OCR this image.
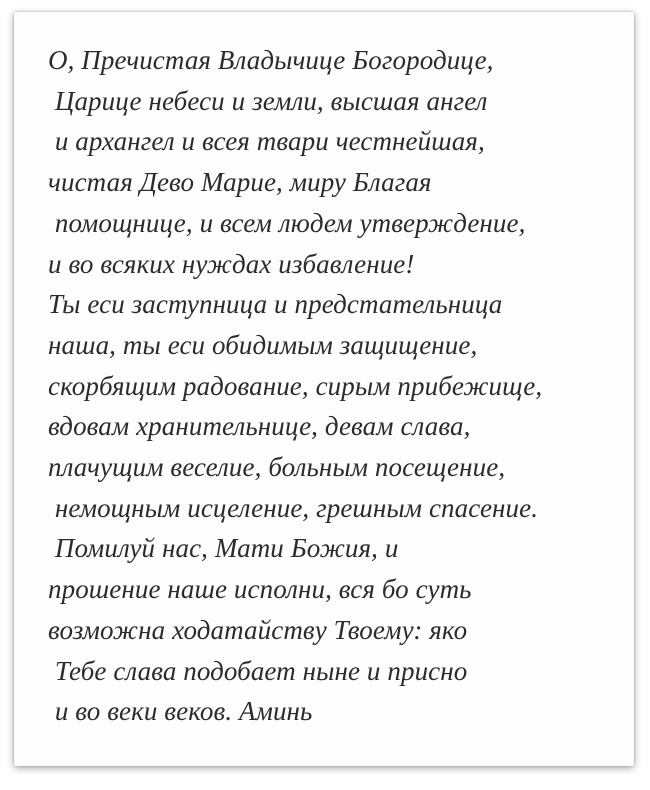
О, Пречистая Владычице Богородице,
Царице небеси и земли, высшая ангел
и архангел и всея твари честнейшая,
чистая Дево Марие, миру Благая
помощнице, и всем людем утверждение,
и во всяких нуждах избавление!
Ты еси заступница и предстательница
наша, ты еси обидимым защищение,
скорбящим радование, сирым прибежище,
вдовам хранительнице, девам слава,
плачущим веселие, больным посещение,
немощным исцеление, грешным спасение.
Помилуй нас, Мати Божия, и
прошение наше исполни, вся бо суть
возможна ходатайству Твоему: яко
Тебе слава подобает ныне и присно
и во веки веков. Аминь
